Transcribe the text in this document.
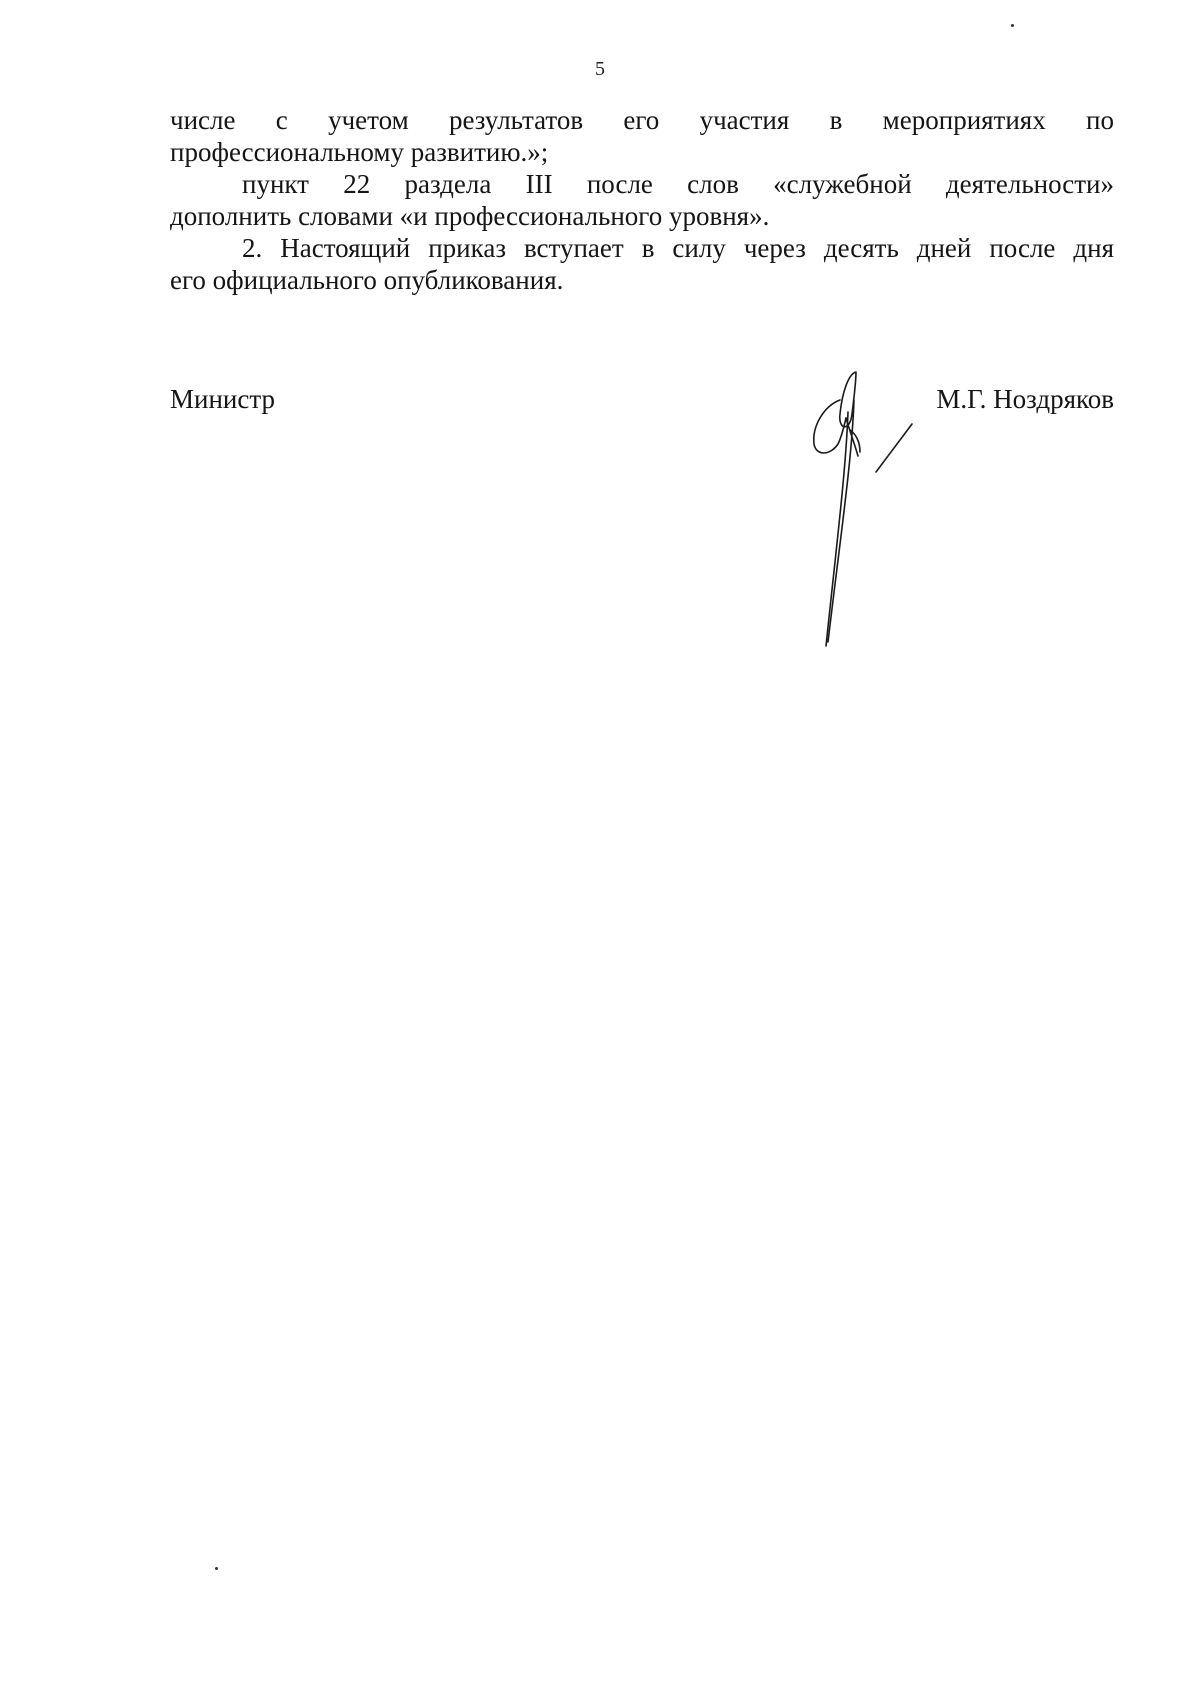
5

числе с учетом результатов его участия в мероприятиях по

профессиональному развитию.»;

пункт 22 раздела III после слов «служебной деятельности»

дополнить словами «и профессионального уровня».

2. Настоящий приказ вступает в силу через десять дней после дня

его официального опубликования.

Министр	М.Г. Ноздряков
